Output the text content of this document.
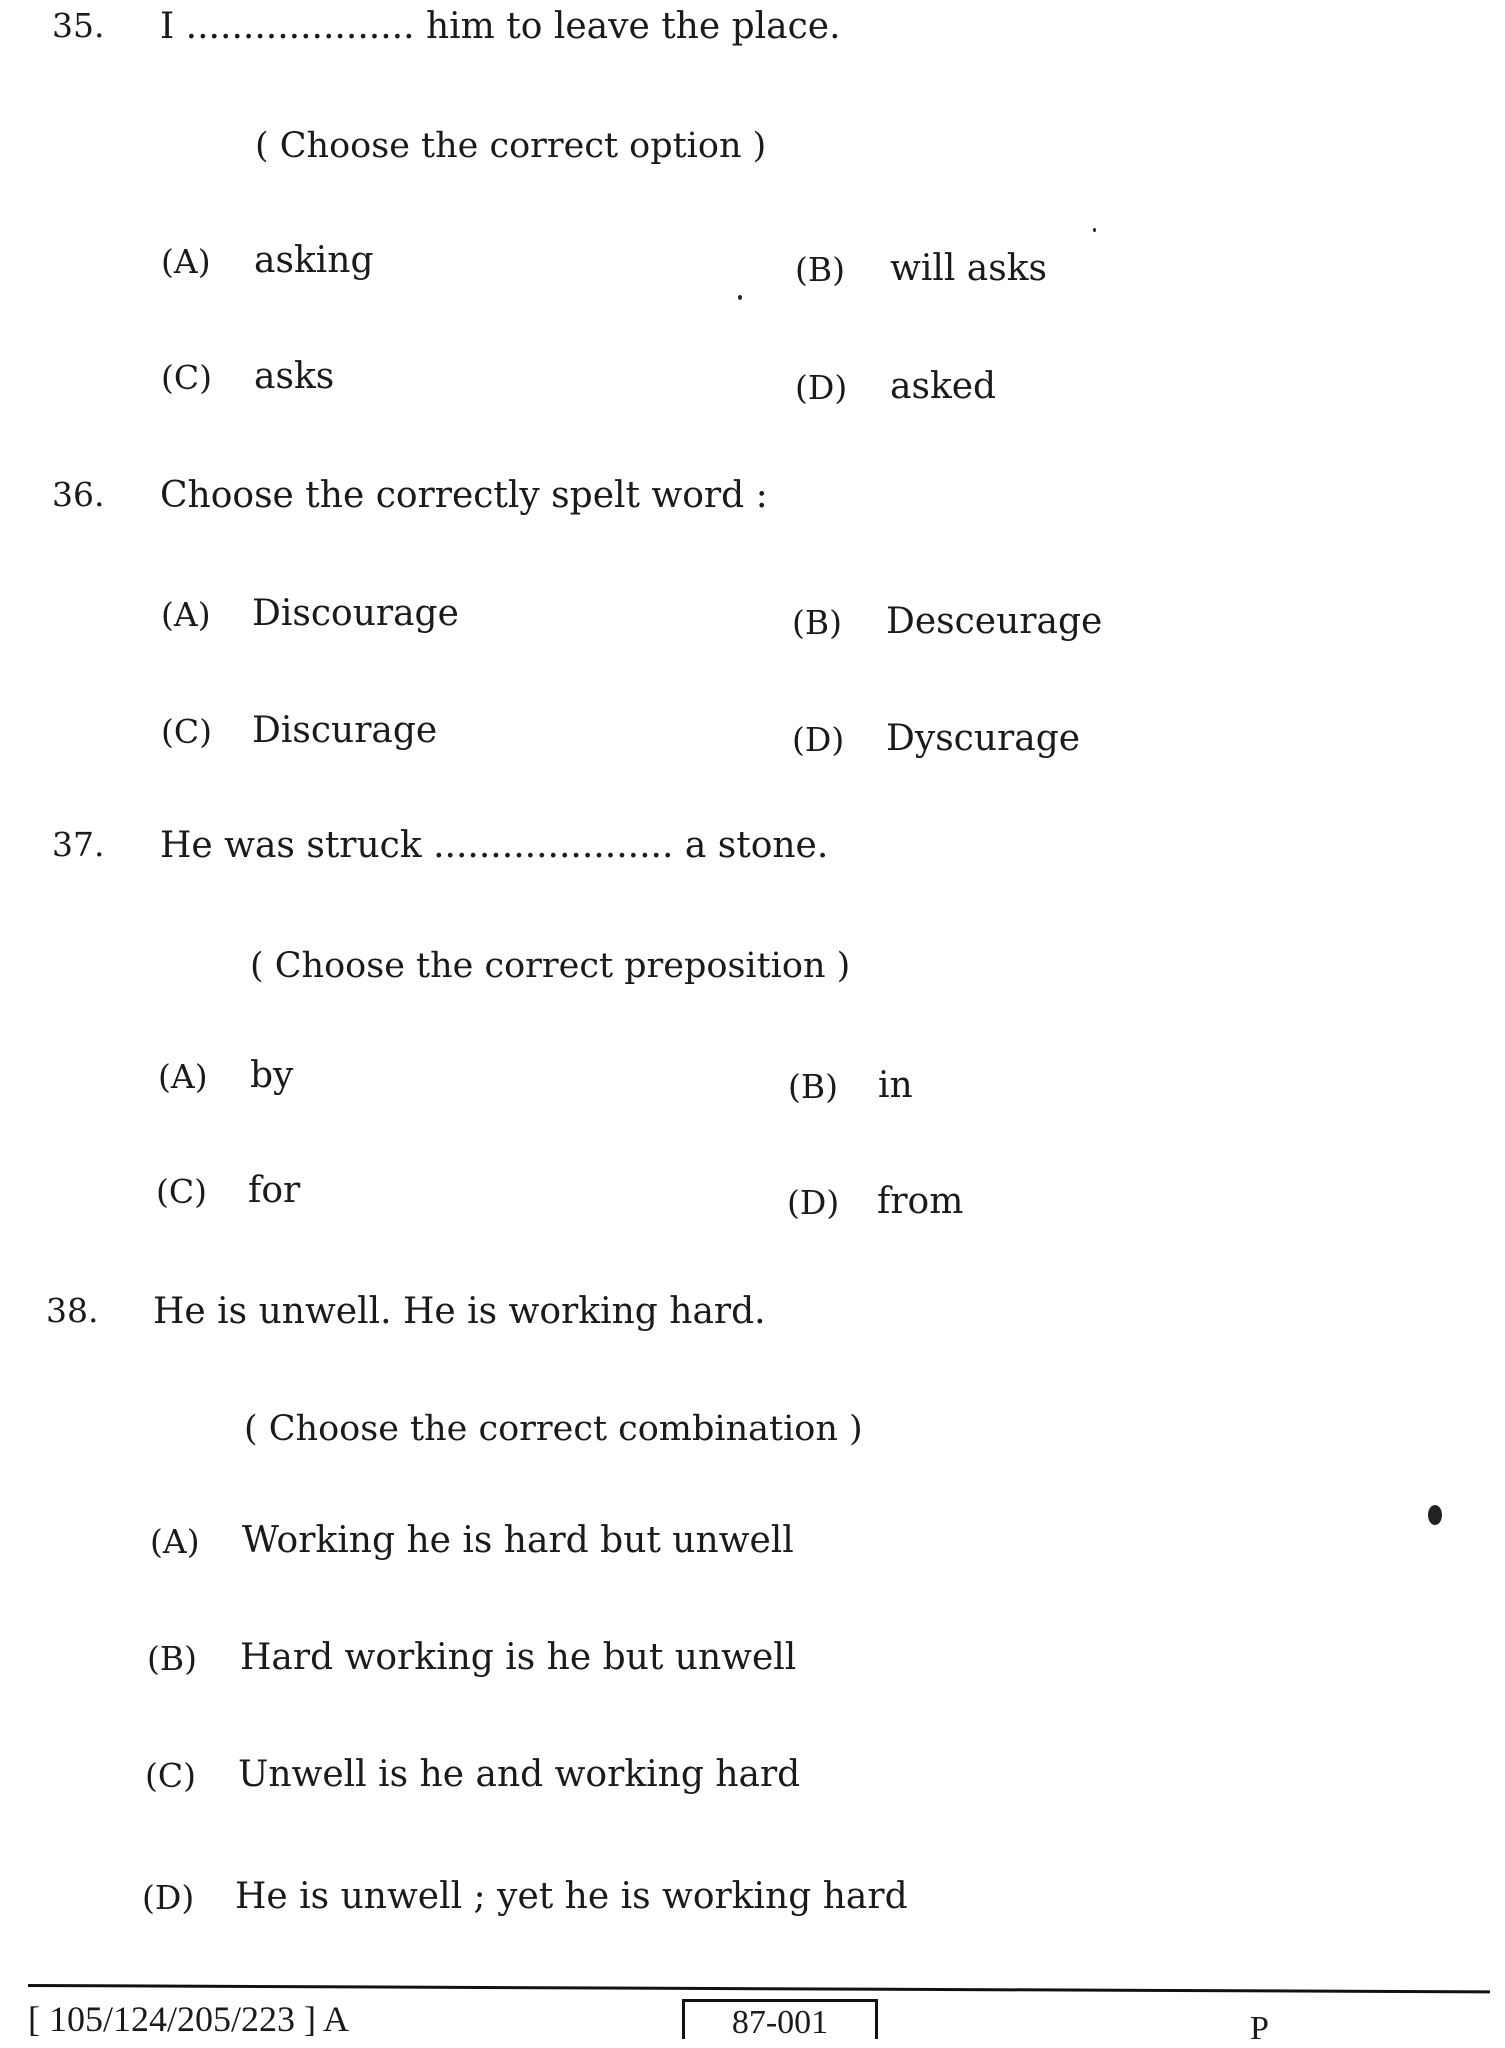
35. I .................... him to leave the place.
( Choose the correct option )
(A) asking	(B) will asks
(C) asks	(D) asked
36. Choose the correctly spelt word :
(A) Discourage	(B) Desceurage
(C) Discurage	(D) Dyscurage
37. He was struck ..................... a stone.
( Choose the correct preposition )
(A) by	(B) in
(C) for	(D) from
38. He is unwell. He is working hard.
( Choose the correct combination )
(A) Working he is hard but unwell
(B) Hard working is he but unwell
(C) Unwell is he and working hard
(D) He is unwell ; yet he is working hard
[ 105/124/205/223 ] A	87-001	P
